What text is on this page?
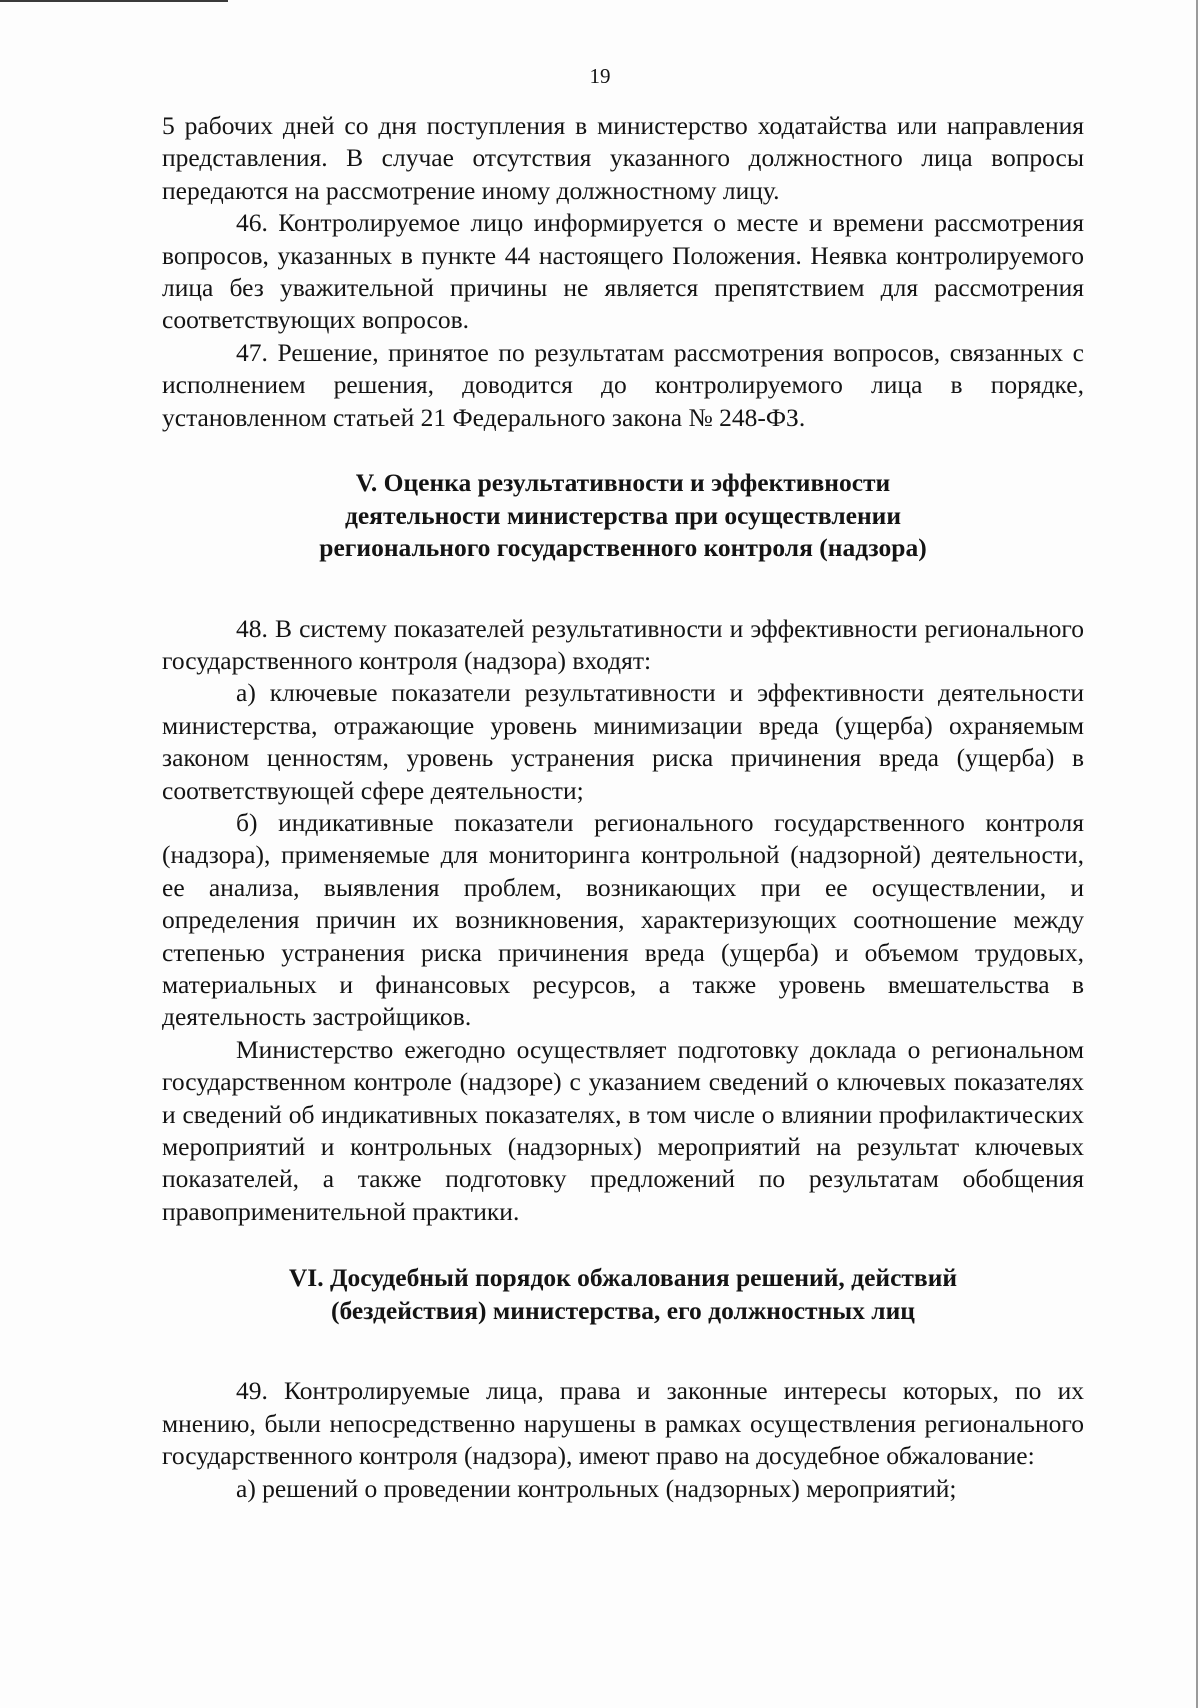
19

5 рабочих дней со дня поступления в министерство ходатайства или направления представления. В случае отсутствия указанного должностного лица вопросы передаются на рассмотрение иному должностному лицу.

46. Контролируемое лицо информируется о месте и времени рассмотрения вопросов, указанных в пункте 44 настоящего Положения. Неявка контролируемого лица без уважительной причины не является препятствием для рассмотрения соответствующих вопросов.

47. Решение, принятое по результатам рассмотрения вопросов, связанных с исполнением решения, доводится до контролируемого лица в порядке, установленном статьей 21 Федерального закона № 248-ФЗ.

V. Оценка результативности и эффективности
деятельности министерства при осуществлении
регионального государственного контроля (надзора)

48. В систему показателей результативности и эффективности регионального государственного контроля (надзора) входят:

а) ключевые показатели результативности и эффективности деятельности министерства, отражающие уровень минимизации вреда (ущерба) охраняемым законом ценностям, уровень устранения риска причинения вреда (ущерба) в соответствующей сфере деятельности;

б) индикативные показатели регионального государственного контроля (надзора), применяемые для мониторинга контрольной (надзорной) деятельности, ее анализа, выявления проблем, возникающих при ее осуществлении, и определения причин их возникновения, характеризующих соотношение между степенью устранения риска причинения вреда (ущерба) и объемом трудовых, материальных и финансовых ресурсов, а также уровень вмешательства в деятельность застройщиков.

Министерство ежегодно осуществляет подготовку доклада о региональном государственном контроле (надзоре) с указанием сведений о ключевых показателях и сведений об индикативных показателях, в том числе о влиянии профилактических мероприятий и контрольных (надзорных) мероприятий на результат ключевых показателей, а также подготовку предложений по результатам обобщения правоприменительной практики.

VI. Досудебный порядок обжалования решений, действий
(бездействия) министерства, его должностных лиц

49. Контролируемые лица, права и законные интересы которых, по их мнению, были непосредственно нарушены в рамках осуществления регионального государственного контроля (надзора), имеют право на досудебное обжалование:

а) решений о проведении контрольных (надзорных) мероприятий;
